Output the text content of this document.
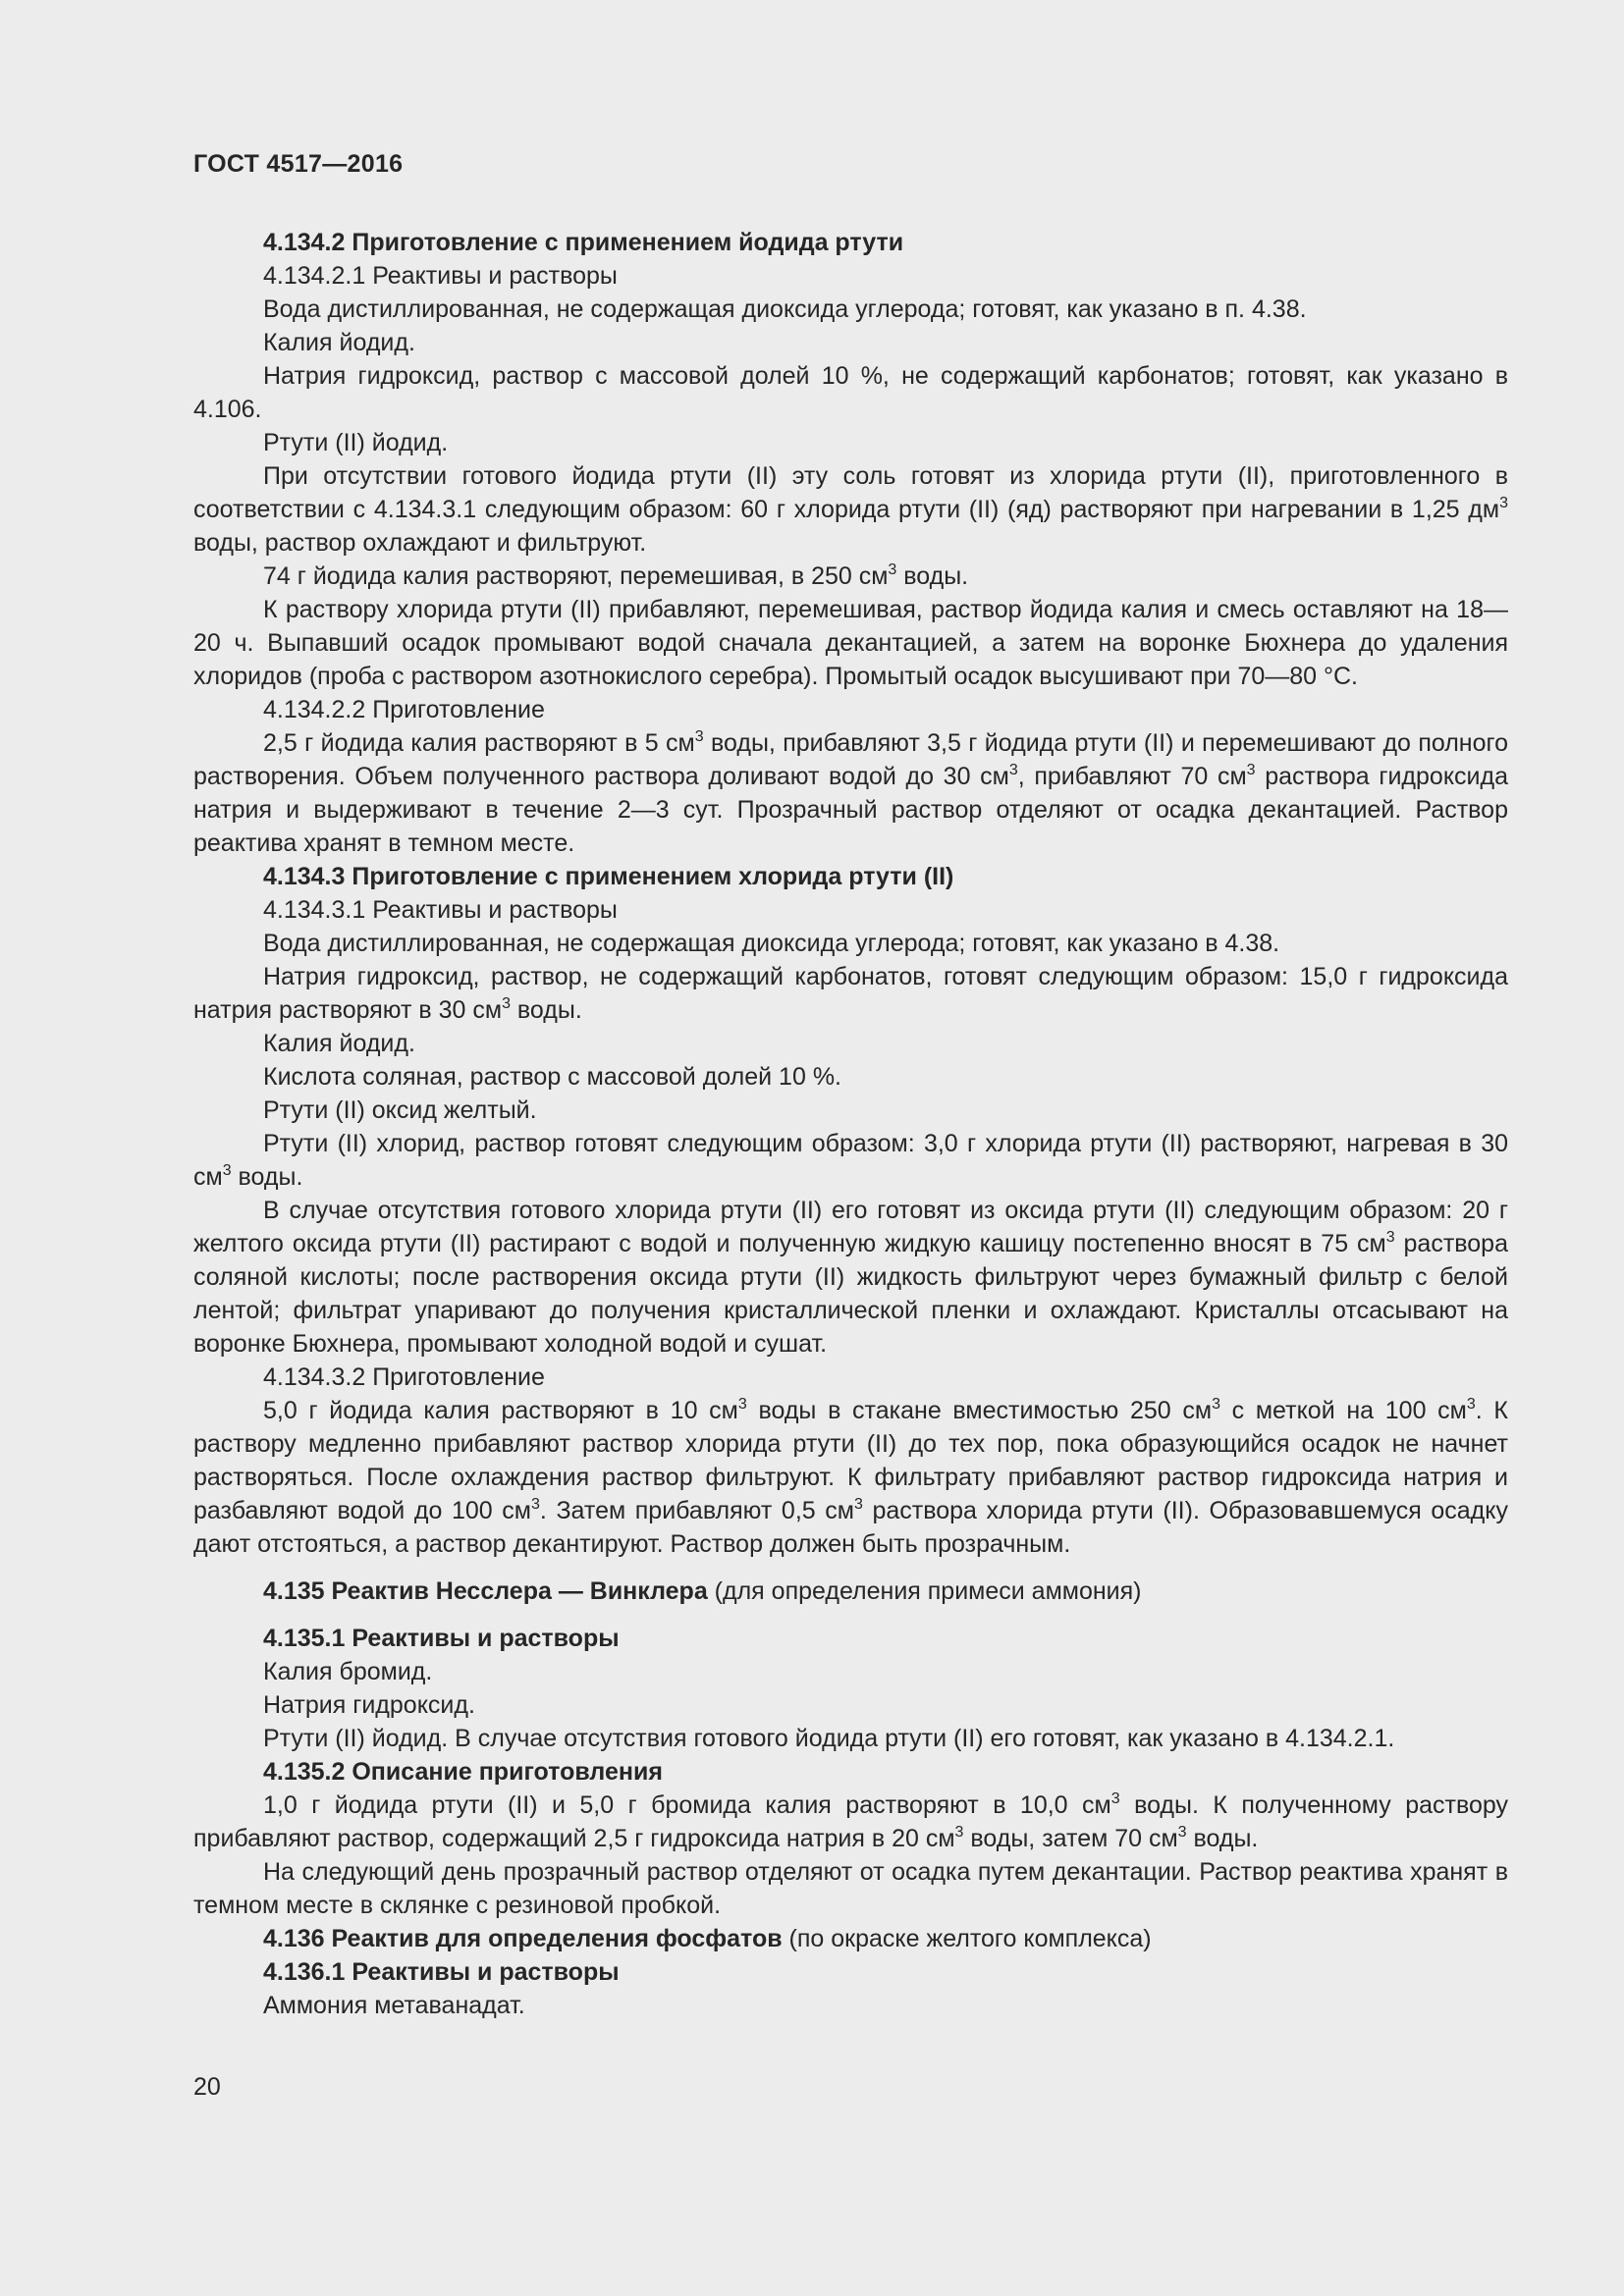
ГОСТ 4517—2016

4.134.2 Приготовление с применением йодида ртути

4.134.2.1 Реактивы и растворы

Вода дистиллированная, не содержащая диоксида углерода; готовят, как указано в п. 4.38.

Калия йодид.

Натрия гидроксид, раствор с массовой долей 10 %, не содержащий карбонатов; готовят, как указано в 4.106.

Ртути (II) йодид.

При отсутствии готового йодида ртути (II) эту соль готовят из хлорида ртути (II), приготовленного в соответствии с 4.134.3.1 следующим образом: 60 г хлорида ртути (II) (яд) растворяют при нагревании в 1,25 $дм^3$ воды, раствор охлаждают и фильтруют.

74 г йодида калия растворяют, перемешивая, в 250 $см^3$ воды.

К раствору хлорида ртути (II) прибавляют, перемешивая, раствор йодида калия и смесь оставляют на 18—20 ч. Выпавший осадок промывают водой сначала декантацией, а затем на воронке Бюхнера до удаления хлоридов (проба с раствором азотнокислого серебра). Промытый осадок высушивают при 70—80 °С.

4.134.2.2 Приготовление

2,5 г йодида калия растворяют в 5 $см^3$ воды, прибавляют 3,5 г йодида ртути (II) и перемешивают до полного растворения. Объем полученного раствора доливают водой до 30 $см^3$, прибавляют 70 $см^3$ раствора гидроксида натрия и выдерживают в течение 2—3 сут. Прозрачный раствор отделяют от осадка декантацией. Раствор реактива хранят в темном месте.

4.134.3 Приготовление с применением хлорида ртути (II)

4.134.3.1 Реактивы и растворы

Вода дистиллированная, не содержащая диоксида углерода; готовят, как указано в 4.38.

Натрия гидроксид, раствор, не содержащий карбонатов, готовят следующим образом: 15,0 г гидроксида натрия растворяют в 30 $см^3$ воды.

Калия йодид.

Кислота соляная, раствор с массовой долей 10 %.

Ртути (II) оксид желтый.

Ртути (II) хлорид, раствор готовят следующим образом: 3,0 г хлорида ртути (II) растворяют, нагревая в 30 $см^3$ воды.

В случае отсутствия готового хлорида ртути (II) его готовят из оксида ртути (II) следующим образом: 20 г желтого оксида ртути (II) растирают с водой и полученную жидкую кашицу постепенно вносят в 75 $см^3$ раствора соляной кислоты; после растворения оксида ртути (II) жидкость фильтруют через бумажный фильтр с белой лентой; фильтрат упаривают до получения кристаллической пленки и охлаждают. Кристаллы отсасывают на воронке Бюхнера, промывают холодной водой и сушат.

4.134.3.2 Приготовление

5,0 г йодида калия растворяют в 10 $см^3$ воды в стакане вместимостью 250 $см^3$ с меткой на 100 $см^3$. К раствору медленно прибавляют раствор хлорида ртути (II) до тех пор, пока образующийся осадок не начнет растворяться. После охлаждения раствор фильтруют. К фильтрату прибавляют раствор гидроксида натрия и разбавляют водой до 100 $см^3$. Затем прибавляют 0,5 $см^3$ раствора хлорида ртути (II). Образовавшемуся осадку дают отстояться, а раствор декантируют. Раствор должен быть прозрачным.

4.135 Реактив Несслера — Винклера (для определения примеси аммония)

4.135.1 Реактивы и растворы

Калия бромид.

Натрия гидроксид.

Ртути (II) йодид. В случае отсутствия готового йодида ртути (II) его готовят, как указано в 4.134.2.1.

4.135.2 Описание приготовления

1,0 г йодида ртути (II) и 5,0 г бромида калия растворяют в 10,0 $см^3$ воды. К полученному раствору прибавляют раствор, содержащий 2,5 г гидроксида натрия в 20 $см^3$ воды, затем 70 $см^3$ воды.

На следующий день прозрачный раствор отделяют от осадка путем декантации. Раствор реактива хранят в темном месте в склянке с резиновой пробкой.

4.136 Реактив для определения фосфатов (по окраске желтого комплекса)

4.136.1 Реактивы и растворы

Аммония метаванадат.

20
